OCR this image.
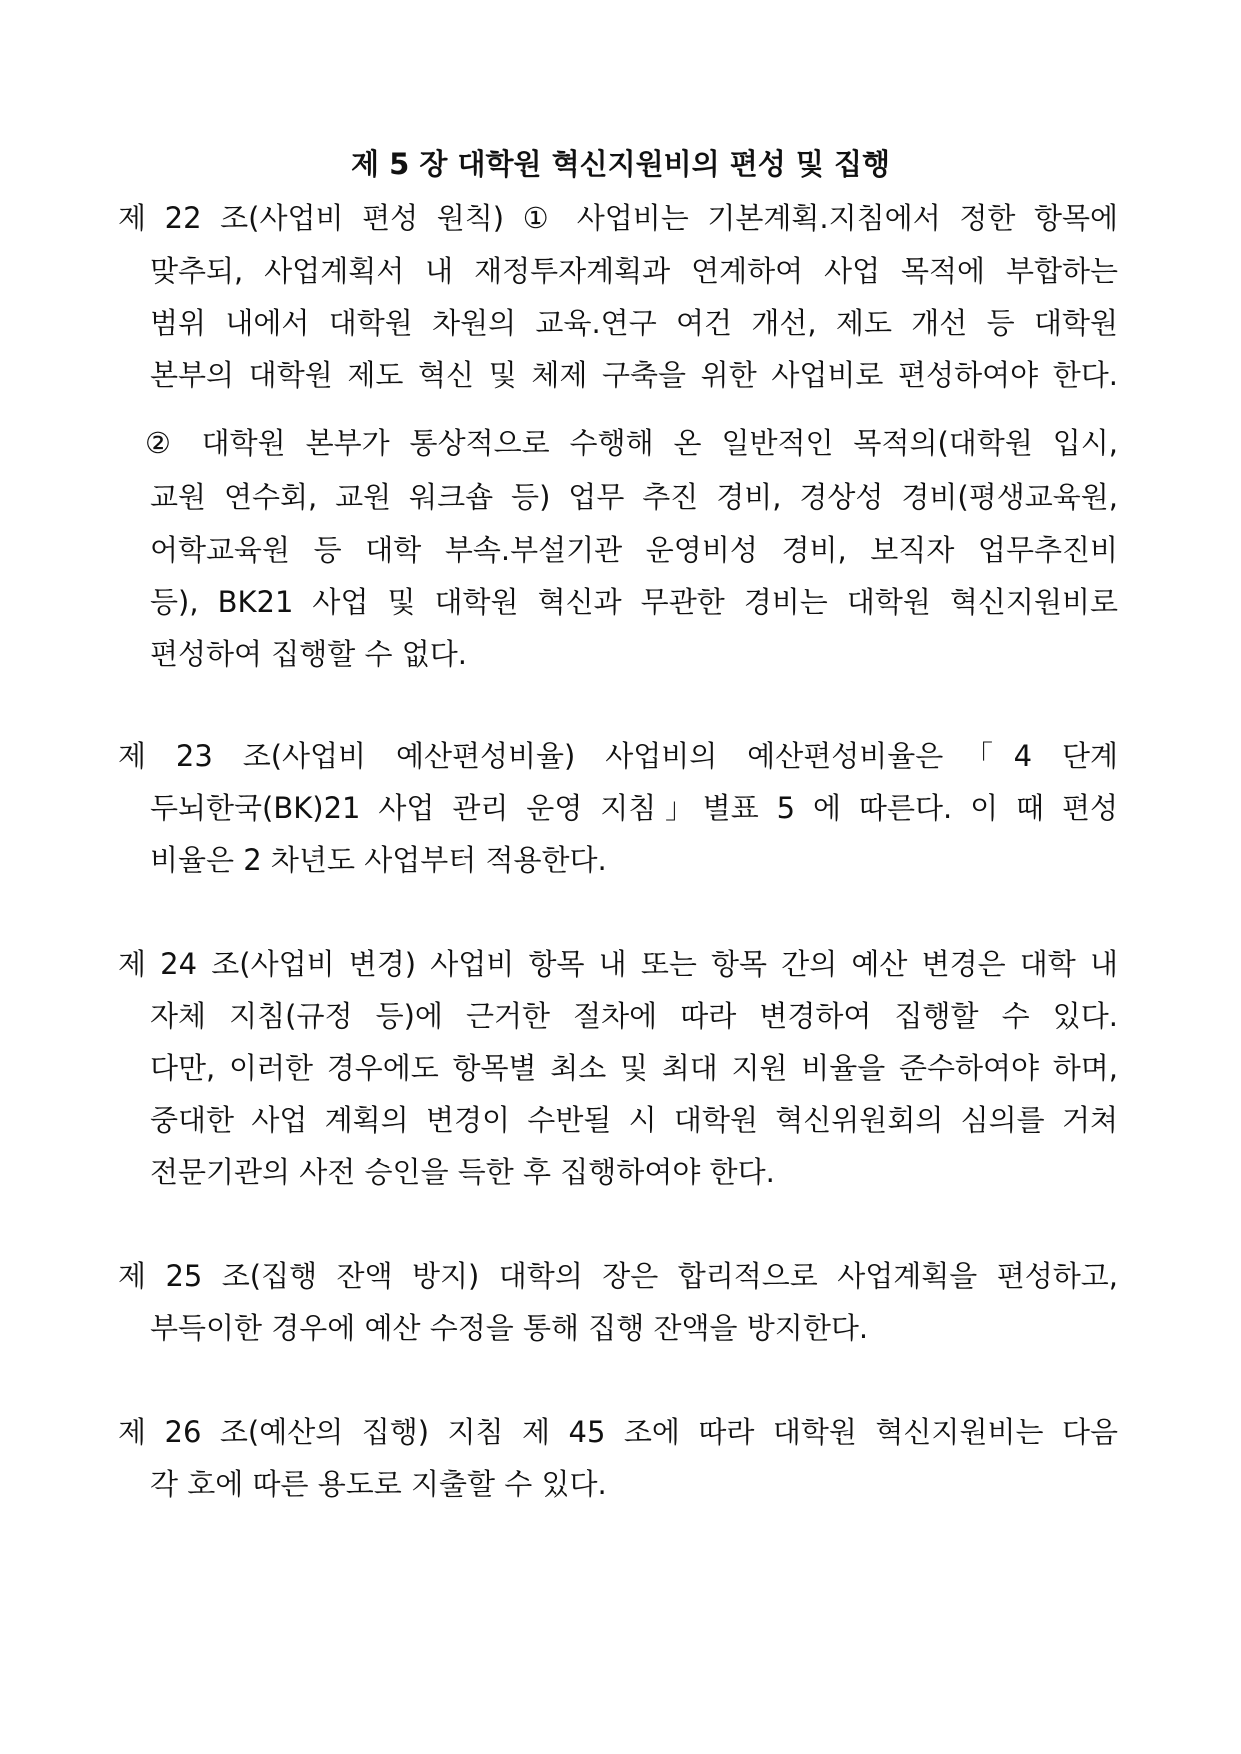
제 5 장 대학원 혁신지원비의 편성 및 집행
제 22 조(사업비 편성 원칙) ① 사업비는 기본계획.지침에서 정한 항목에
맞추되, 사업계획서 내 재정투자계획과 연계하여 사업 목적에 부합하는
범위 내에서 대학원 차원의 교육.연구 여건 개선, 제도 개선 등 대학원
본부의 대학원 제도 혁신 및 체제 구축을 위한 사업비로 편성하여야 한다.
② 대학원 본부가 통상적으로 수행해 온 일반적인 목적의(대학원 입시,
교원 연수회, 교원 워크숍 등) 업무 추진 경비, 경상성 경비(평생교육원,
어학교육원 등 대학 부속.부설기관 운영비성 경비, 보직자 업무추진비
등), BK21 사업 및 대학원 혁신과 무관한 경비는 대학원 혁신지원비로
편성하여 집행할 수 없다.
제 23 조(사업비 예산편성비율) 사업비의 예산편성비율은「4 단계
두뇌한국(BK)21 사업 관리 운영 지침」별표 5 에 따른다. 이 때 편성
비율은 2 차년도 사업부터 적용한다.
제 24 조(사업비 변경) 사업비 항목 내 또는 항목 간의 예산 변경은 대학 내
자체 지침(규정 등)에 근거한 절차에 따라 변경하여 집행할 수 있다.
다만, 이러한 경우에도 항목별 최소 및 최대 지원 비율을 준수하여야 하며,
중대한 사업 계획의 변경이 수반될 시 대학원 혁신위원회의 심의를 거쳐
전문기관의 사전 승인을 득한 후 집행하여야 한다.
제 25 조(집행 잔액 방지) 대학의 장은 합리적으로 사업계획을 편성하고,
부득이한 경우에 예산 수정을 통해 집행 잔액을 방지한다.
제 26 조(예산의 집행) 지침 제 45 조에 따라 대학원 혁신지원비는 다음
각 호에 따른 용도로 지출할 수 있다.
